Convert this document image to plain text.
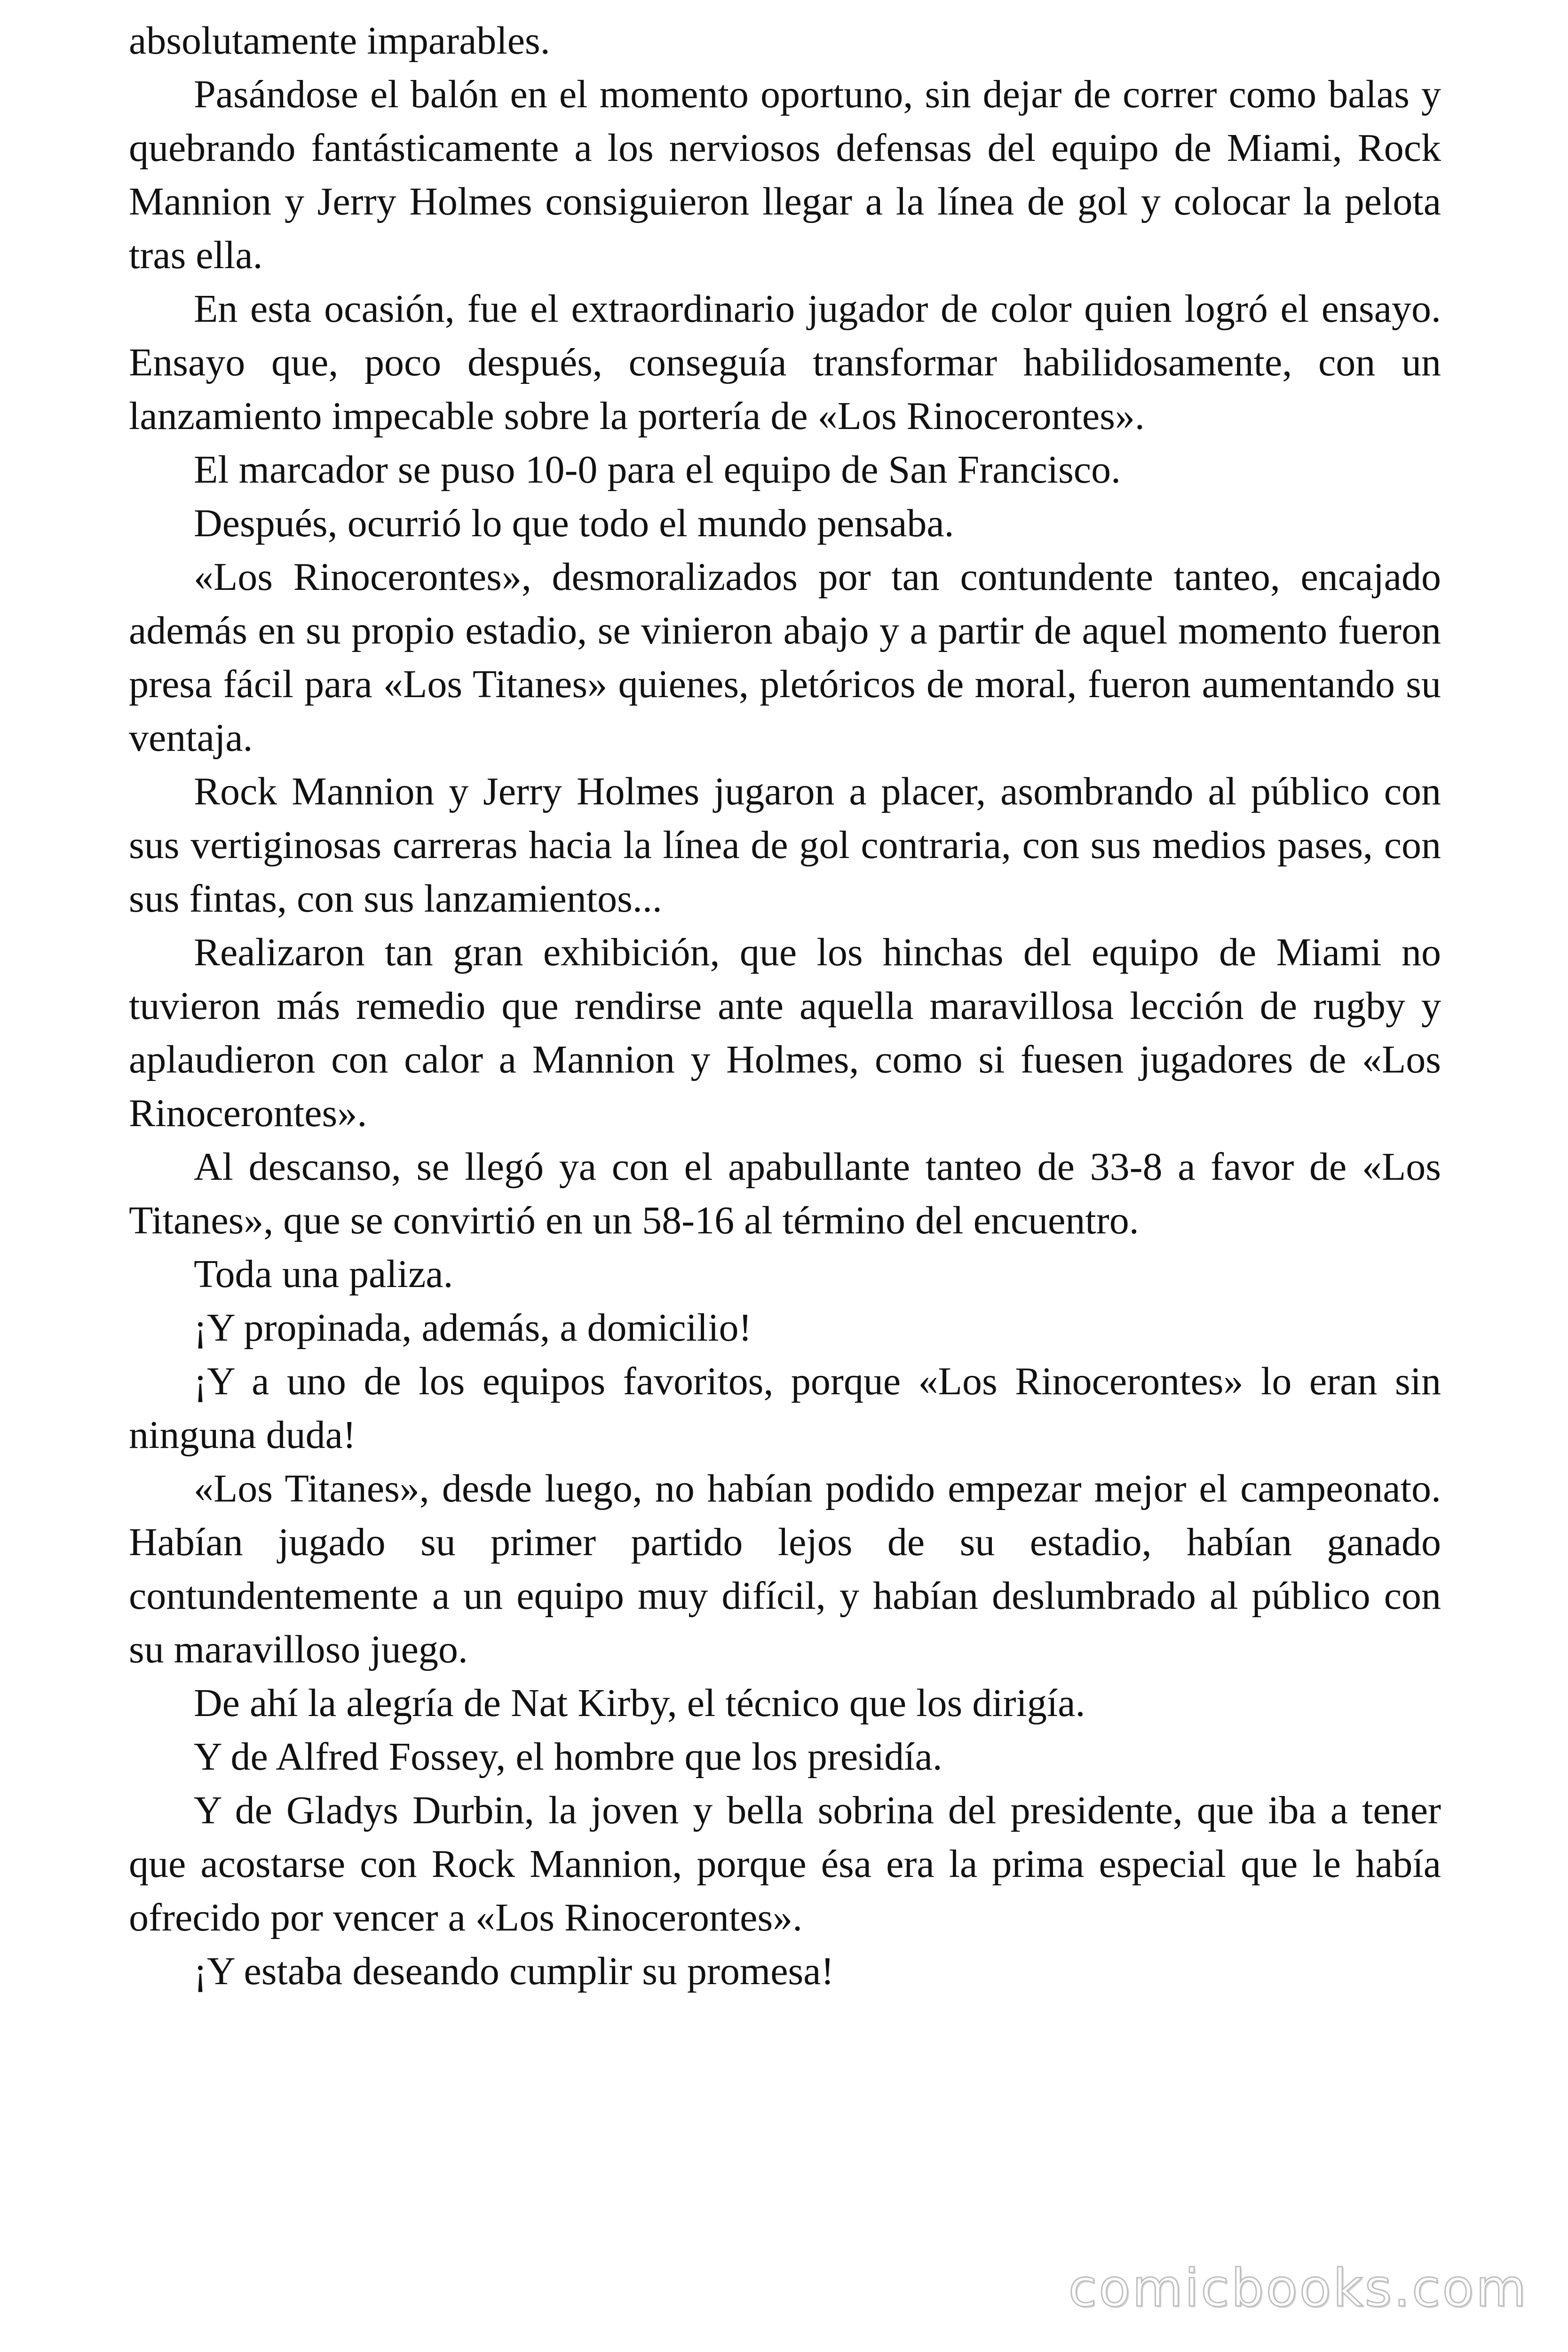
absolutamente imparables.

Pasándose el balón en el momento oportuno, sin dejar de correr como balas y quebrando fantásticamente a los nerviosos defensas del equipo de Miami, Rock Mannion y Jerry Holmes consiguieron llegar a la línea de gol y colocar la pelota tras ella.

En esta ocasión, fue el extraordinario jugador de color quien logró el ensayo. Ensayo que, poco después, conseguía transformar habilidosamente, con un lanzamiento impecable sobre la portería de «Los Rinocerontes».

El marcador se puso 10-0 para el equipo de San Francisco.

Después, ocurrió lo que todo el mundo pensaba.

«Los Rinocerontes», desmoralizados por tan contundente tanteo, encajado además en su propio estadio, se vinieron abajo y a partir de aquel momento fueron presa fácil para «Los Titanes» quienes, pletóricos de moral, fueron aumentando su ventaja.

Rock Mannion y Jerry Holmes jugaron a placer, asombrando al público con sus vertiginosas carreras hacia la línea de gol contraria, con sus medios pases, con sus fintas, con sus lanzamientos...

Realizaron tan gran exhibición, que los hinchas del equipo de Miami no tuvieron más remedio que rendirse ante aquella maravillosa lección de rugby y aplaudieron con calor a Mannion y Holmes, como si fuesen jugadores de «Los Rinocerontes».

Al descanso, se llegó ya con el apabullante tanteo de 33-8 a favor de «Los Titanes», que se convirtió en un 58-16 al término del encuentro.

Toda una paliza.

¡Y propinada, además, a domicilio!

¡Y a uno de los equipos favoritos, porque «Los Rinocerontes» lo eran sin ninguna duda!

«Los Titanes», desde luego, no habían podido empezar mejor el campeonato. Habían jugado su primer partido lejos de su estadio, habían ganado contundentemente a un equipo muy difícil, y habían deslumbrado al público con su maravilloso juego.

De ahí la alegría de Nat Kirby, el técnico que los dirigía.

Y de Alfred Fossey, el hombre que los presidía.

Y de Gladys Durbin, la joven y bella sobrina del presidente, que iba a tener que acostarse con Rock Mannion, porque ésa era la prima especial que le había ofrecido por vencer a «Los Rinocerontes».

¡Y estaba deseando cumplir su promesa!

comicbooks.com
